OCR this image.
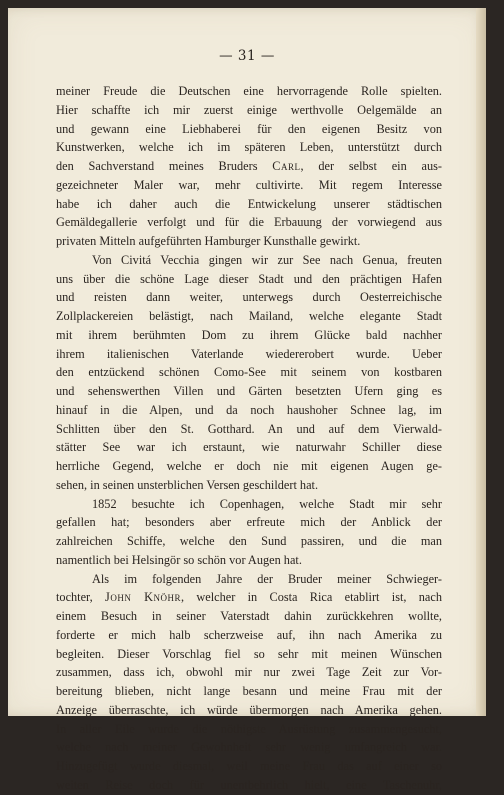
— 31 —

meiner Freude die Deutschen eine hervorragende Rolle spielten.

Hier schaffte ich mir zuerst einige werthvolle Oelgemälde an

und gewann eine Liebhaberei für den eigenen Besitz von

Kunstwerken, welche ich im späteren Leben, unterstützt durch

den Sachverstand meines Bruders Carl, der selbst ein aus-

gezeichneter Maler war, mehr cultivirte. Mit regem Interesse

habe ich daher auch die Entwickelung unserer städtischen

Gemäldegallerie verfolgt und für die Erbauung der vorwiegend aus

privaten Mitteln aufgeführten Hamburger Kunsthalle gewirkt.

Von Civitá Vecchia gingen wir zur See nach Genua, freuten

uns über die schöne Lage dieser Stadt und den prächtigen Hafen

und reisten dann weiter, unterwegs durch Oesterreichische

Zollplackereien belästigt, nach Mailand, welche elegante Stadt

mit ihrem berühmten Dom zu ihrem Glücke bald nachher

ihrem italienischen Vaterlande wiedererobert wurde. Ueber

den entzückend schönen Como-See mit seinem von kostbaren

und sehenswerthen Villen und Gärten besetzten Ufern ging es

hinauf in die Alpen, und da noch haushoher Schnee lag, im

Schlitten über den St. Gotthard. An und auf dem Vierwald-

stätter See war ich erstaunt, wie naturwahr Schiller diese

herrliche Gegend, welche er doch nie mit eigenen Augen ge-

sehen, in seinen unsterblichen Versen geschildert hat.

1852 besuchte ich Copenhagen, welche Stadt mir sehr

gefallen hat; besonders aber erfreute mich der Anblick der

zahlreichen Schiffe, welche den Sund passiren, und die man

namentlich bei Helsingör so schön vor Augen hat.

Als im folgenden Jahre der Bruder meiner Schwieger-

tochter, John Knöhr, welcher in Costa Rica etablirt ist, nach

einem Besuch in seiner Vaterstadt dahin zurückkehren wollte,

forderte er mich halb scherzweise auf, ihn nach Amerika zu

begleiten. Dieser Vorschlag fiel so sehr mit meinen Wünschen

zusammen, dass ich, obwohl mir nur zwei Tage Zeit zur Vor-

bereitung blieben, nicht lange besann und meine Frau mit der

Anzeige überraschte, ich würde übermorgen nach Amerika gehen.

In aller Eile wurde die nöthigste Ausrüstung zusammengesucht,

welche nach meiner Gewohnheit sehr wenig umfangreich war.

Hinzugefügt wurde diesmal, weil meine Frau das auf einer so

weiten Reise doch für unentbehrlich hielt, eine Taschenuhr,
